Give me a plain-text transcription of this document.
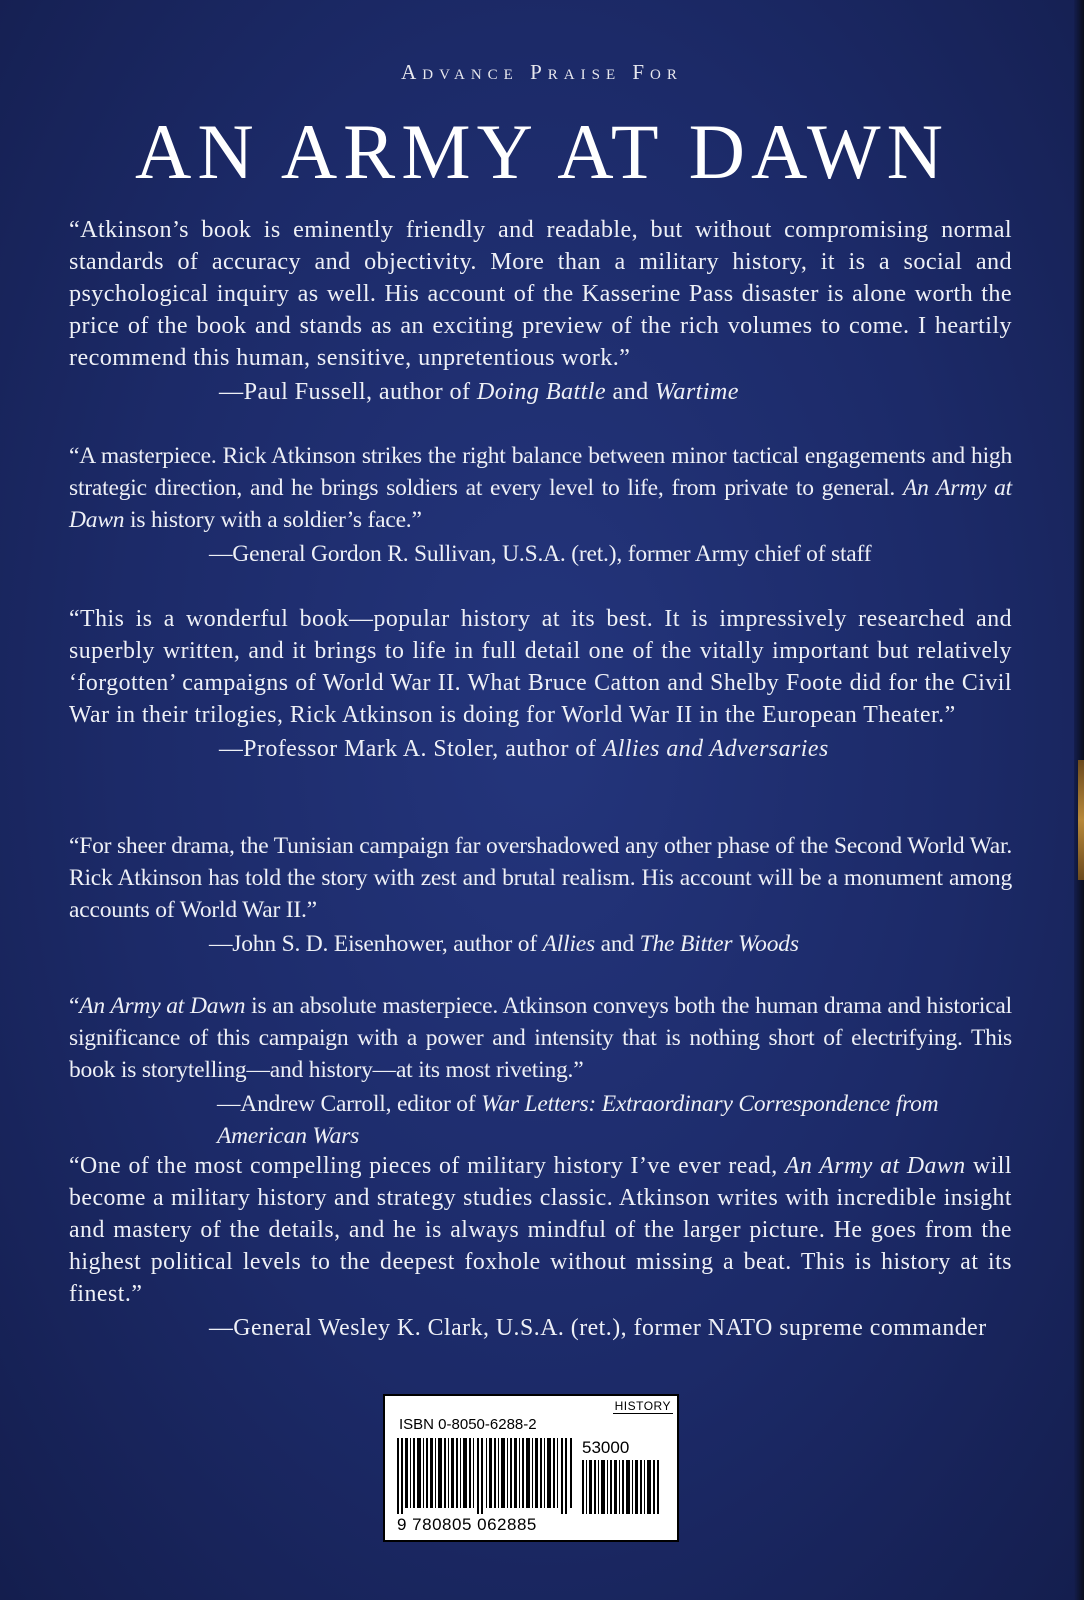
Advance Praise For
AN ARMY AT DAWN

“Atkinson’s book is eminently friendly and readable, but without compromising normal standards of accuracy and objectivity. More than a military history, it is a social and psychological inquiry as well. His account of the Kasserine Pass disaster is alone worth the price of the book and stands as an exciting preview of the rich volumes to come. I heartily recommend this human, sensitive, unpretentious work.”

—Paul Fussell, author of Doing Battle and Wartime

“A masterpiece. Rick Atkinson strikes the right balance between minor tactical engagements and high strategic direction, and he brings soldiers at every level to life, from private to general. An Army at Dawn is history with a soldier’s face.”

—General Gordon R. Sullivan, U.S.A. (ret.), former Army chief of staff

“This is a wonderful book—popular history at its best. It is impressively researched and superbly written, and it brings to life in full detail one of the vitally important but relatively ‘forgotten’ campaigns of World War II. What Bruce Catton and Shelby Foote did for the Civil War in their trilogies, Rick Atkinson is doing for World War II in the European Theater.”

—Professor Mark A. Stoler, author of Allies and Adversaries

“For sheer drama, the Tunisian campaign far overshadowed any other phase of the Second World War. Rick Atkinson has told the story with zest and brutal realism. His account will be a monument among accounts of World War II.”

—John S. D. Eisenhower, author of Allies and The Bitter Woods

“An Army at Dawn is an absolute masterpiece. Atkinson conveys both the human drama and historical significance of this campaign with a power and intensity that is nothing short of electrifying. This book is storytelling—and history—at its most riveting.”

—Andrew Carroll, editor of War Letters: Extraordinary Correspondence from American Wars

“One of the most compelling pieces of military history I’ve ever read, An Army at Dawn will become a military history and strategy studies classic. Atkinson writes with incredible insight and mastery of the details, and he is always mindful of the larger picture. He goes from the highest political levels to the deepest foxhole without missing a beat. This is history at its finest.”

—General Wesley K. Clark, U.S.A. (ret.), former NATO supreme commander

HISTORY
ISBN 0-8050-6288-2
53000
9 780805 062885
